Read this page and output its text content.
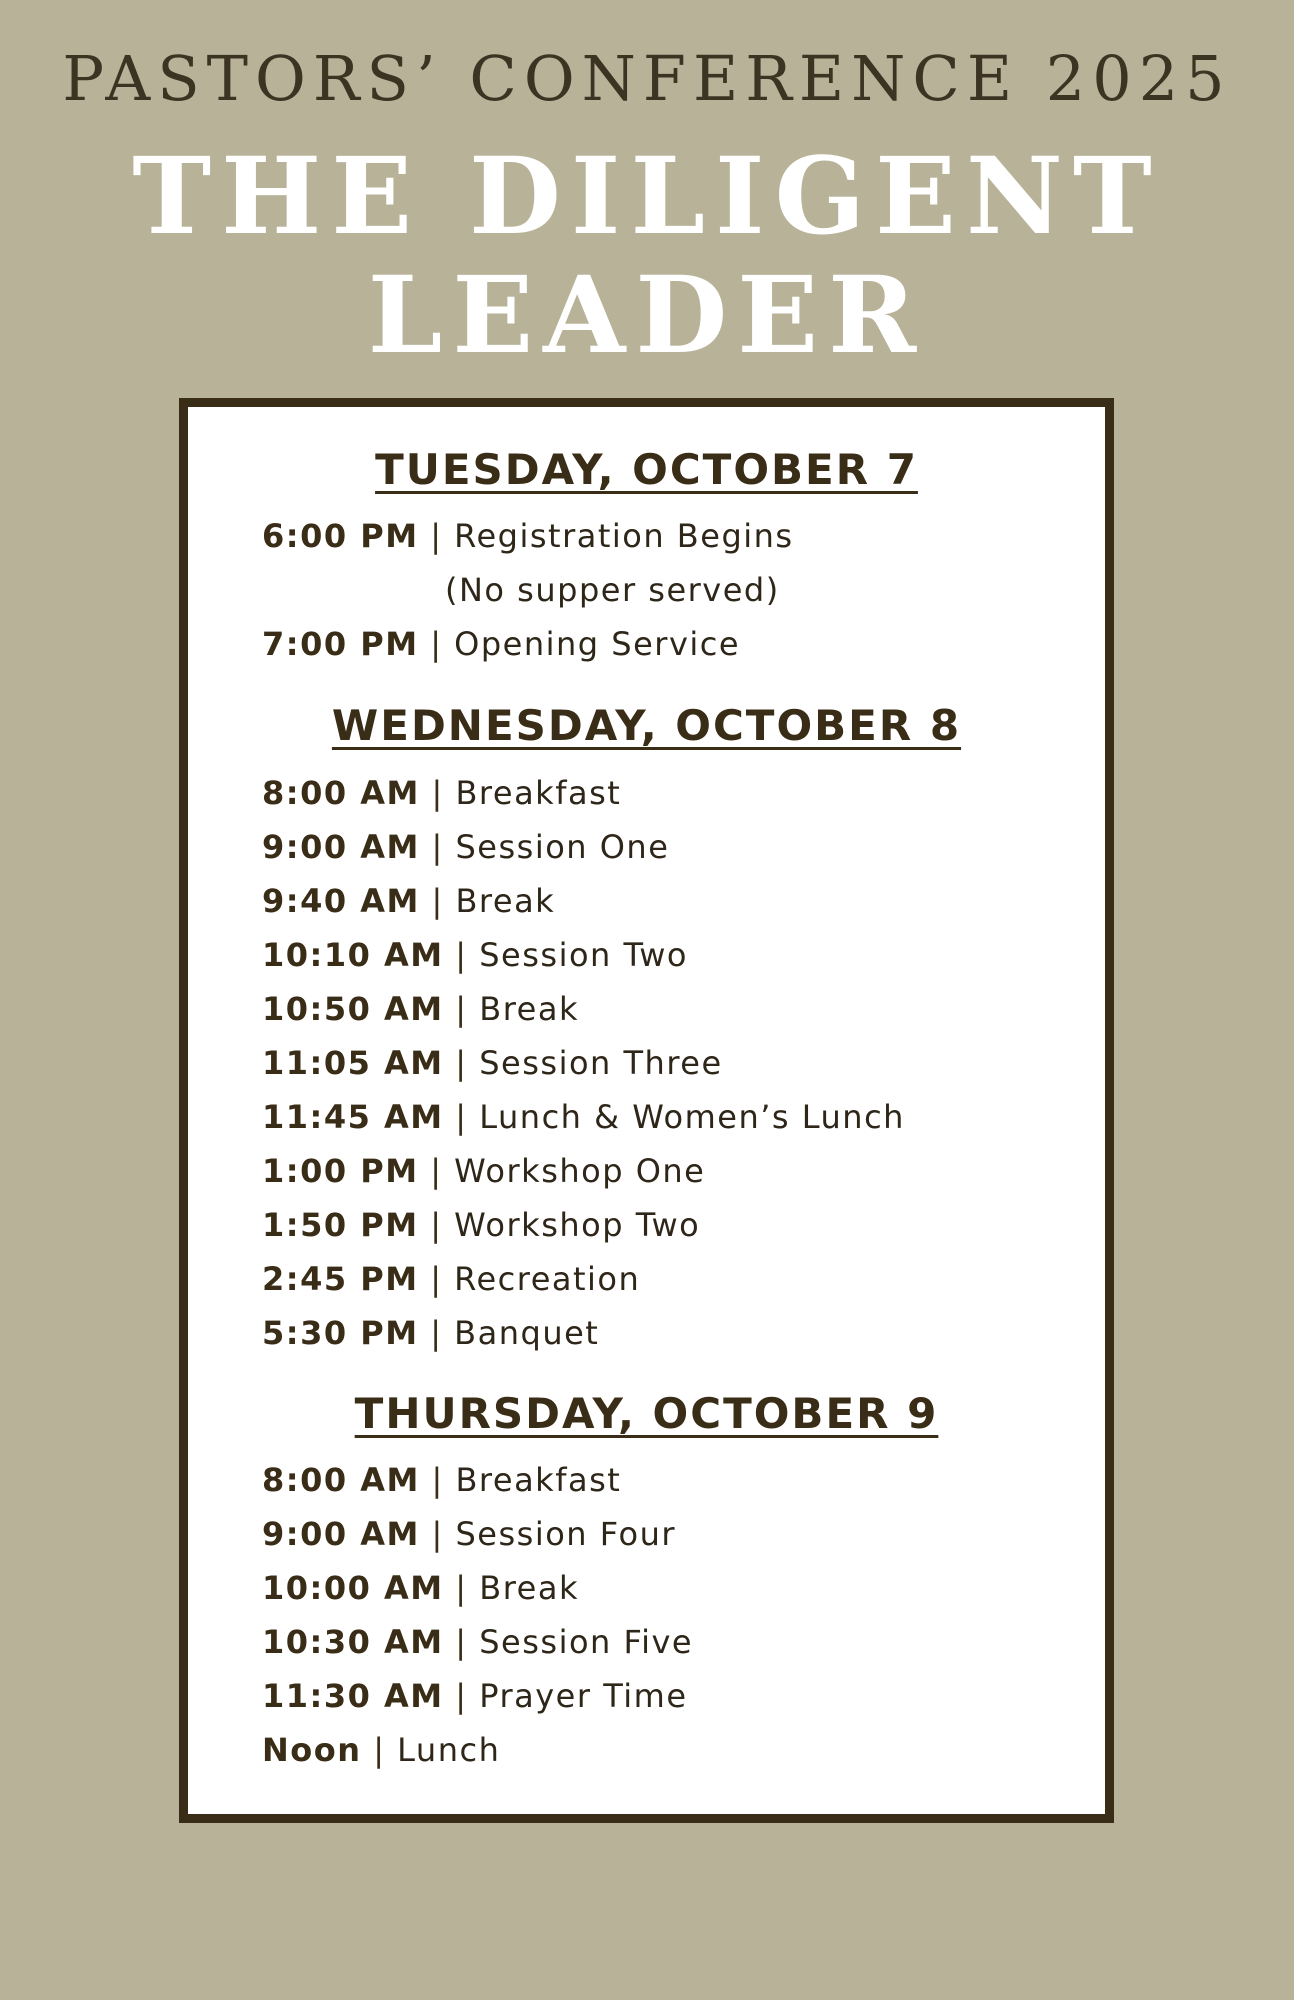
PASTORS’ CONFERENCE 2025
THE DILIGENT
LEADER
TUESDAY, OCTOBER 7
6:00 PM | Registration Begins
(No supper served)
7:00 PM | Opening Service
WEDNESDAY, OCTOBER 8
8:00 AM | Breakfast
9:00 AM | Session One
9:40 AM | Break
10:10 AM | Session Two
10:50 AM | Break
11:05 AM | Session Three
11:45 AM | Lunch & Women’s Lunch
1:00 PM | Workshop One
1:50 PM | Workshop Two
2:45 PM | Recreation
5:30 PM | Banquet
THURSDAY, OCTOBER 9
8:00 AM | Breakfast
9:00 AM | Session Four
10:00 AM | Break
10:30 AM | Session Five
11:30 AM | Prayer Time
Noon | Lunch
